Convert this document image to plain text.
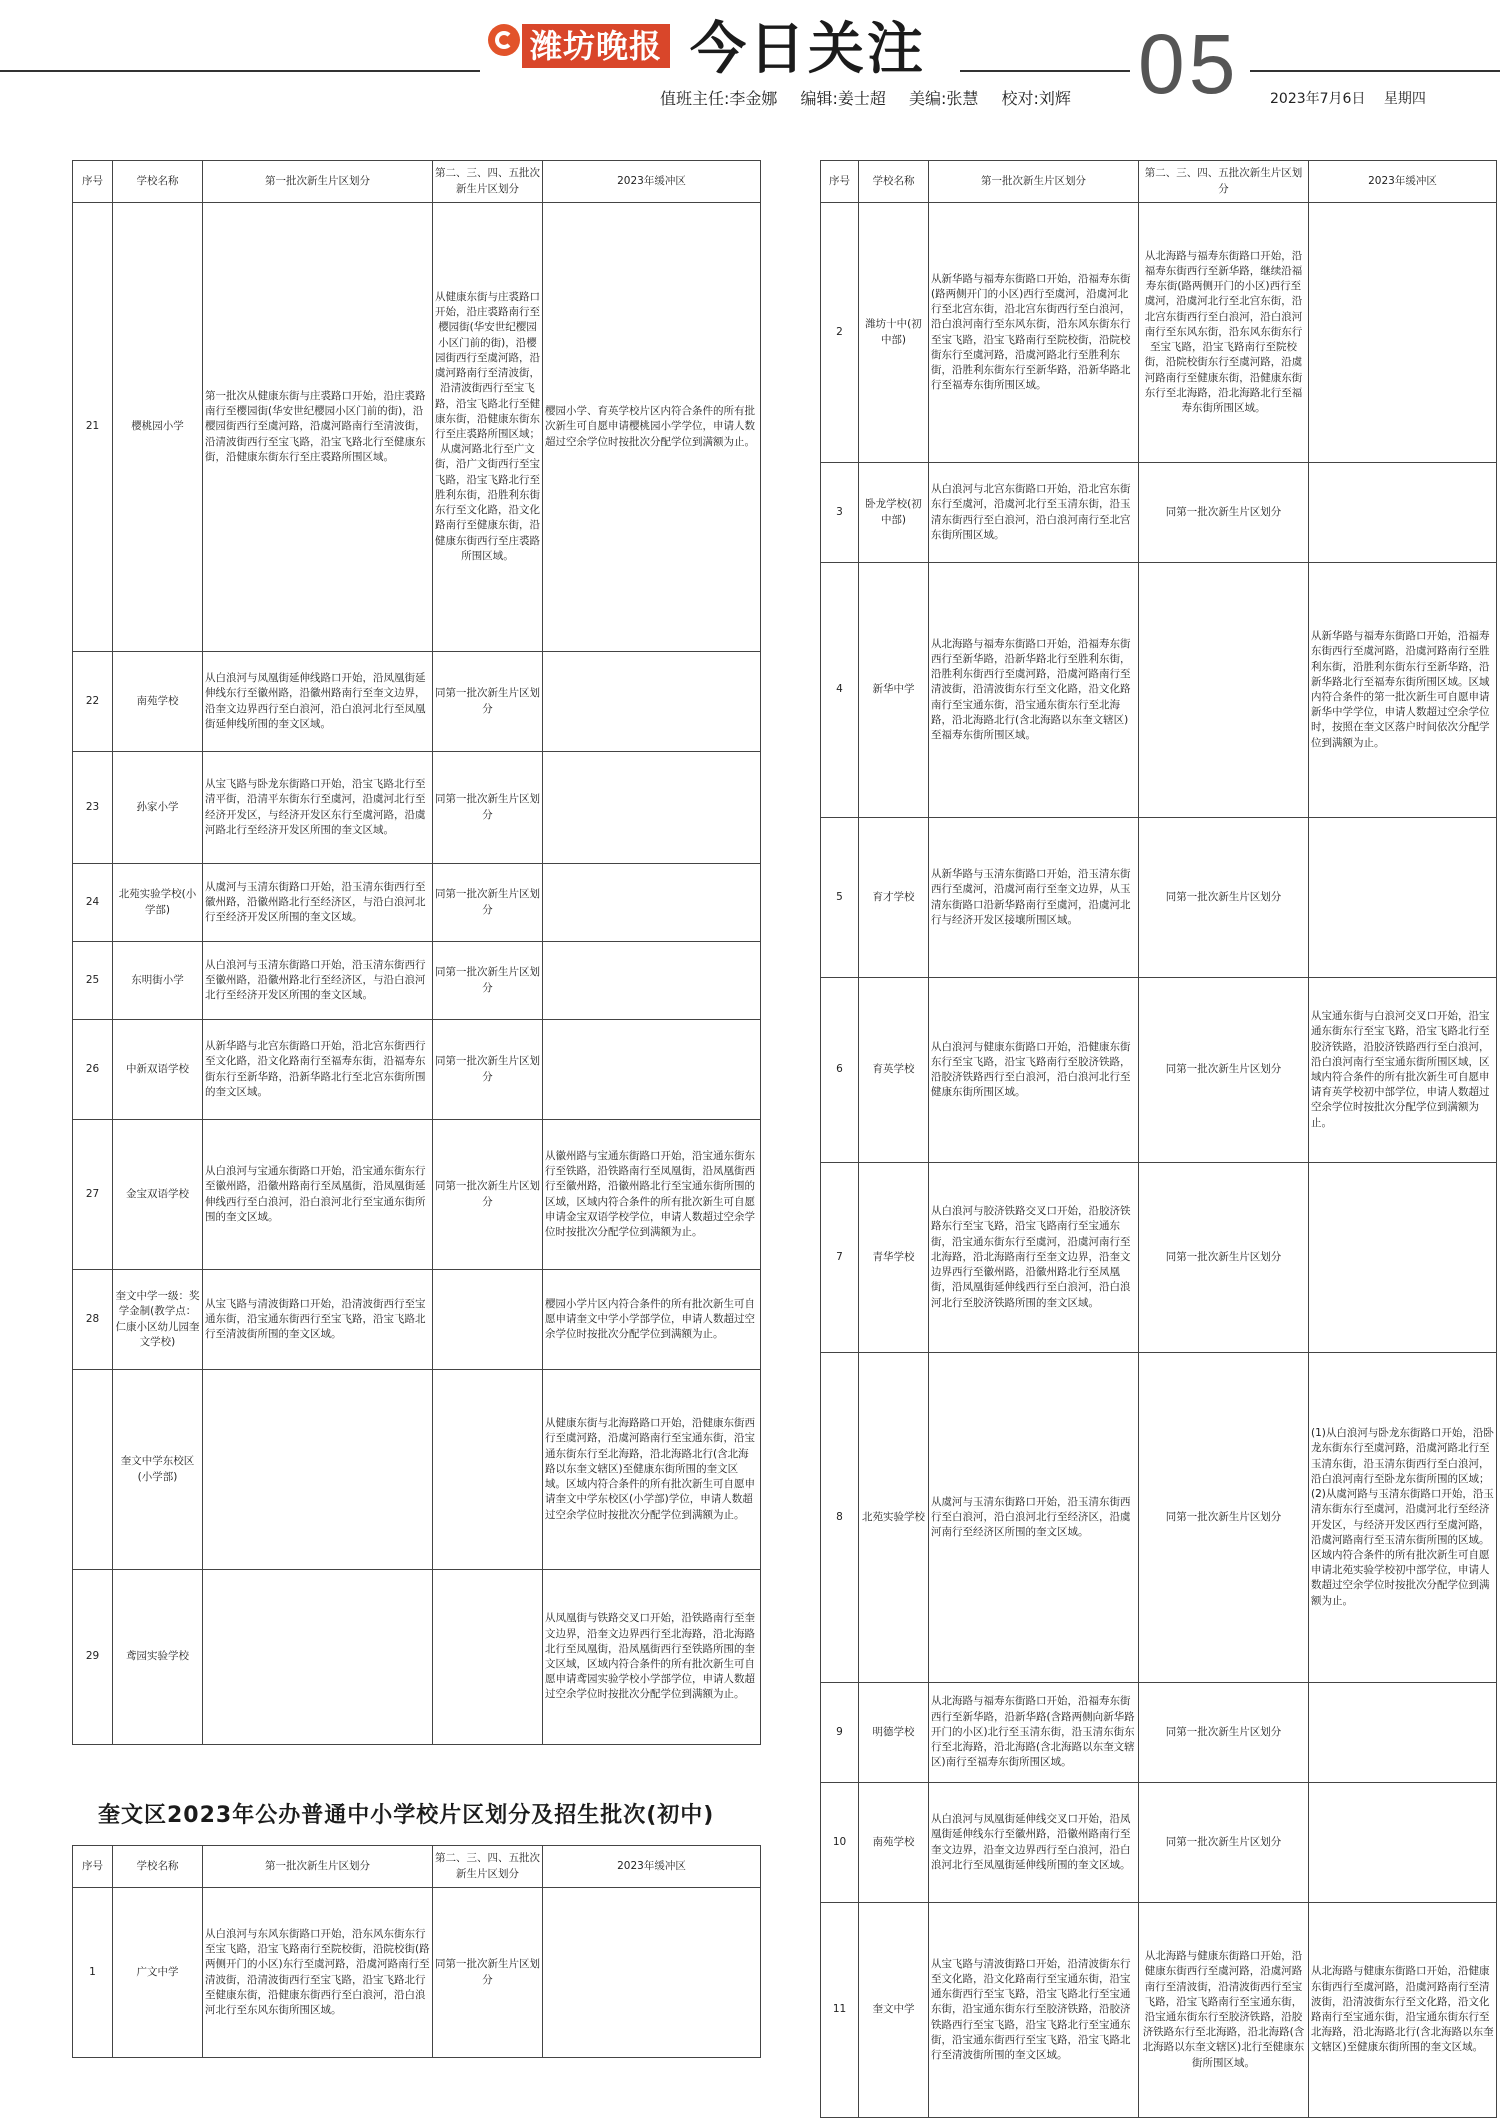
潍坊晚报 今日关注	05
值班主任:李金娜 编辑:姜士超 美编:张慧 校对:刘辉	2023年7月6日 星期四
序号	学校名称	第一批次新生片区划分	第二、三、四、五批次新生片区划分	2023年缓冲区
21	樱桃园小学	第一批次从健康东街与庄裘路口开始，沿庄裘路南行至樱园街(华安世纪樱园小区门前的街)，沿樱园街西行至虞河路，沿虞河路南行至清波街，沿清波街西行至宝飞路，沿宝飞路北行至健康东街，沿健康东街东行至庄裘路所围区域。	从健康东街与庄裘路口开始，沿庄裘路南行至樱园街(华安世纪樱园小区门前的街)，沿樱园街西行至虞河路，沿虞河路南行至清波街，沿清波街西行至宝飞路，沿宝飞路北行至健康东街，沿健康东街东行至庄裘路所围区域；从虞河路北行至广文街，沿广文街西行至宝飞路，沿宝飞路北行至胜利东街，沿胜利东街东行至文化路，沿文化路南行至健康东街，沿健康东街西行至庄裘路所围区域。	樱园小学、育英学校片区内符合条件的所有批次新生可自愿申请樱桃园小学学位，申请人数超过空余学位时按批次分配学位到满额为止。
22	南苑学校	从白浪河与凤凰街延伸线路口开始，沿凤凰街延伸线东行至徽州路，沿徽州路南行至奎文边界，沿奎文边界西行至白浪河，沿白浪河北行至凤凰街延伸线所围的奎文区域。	同第一批次新生片区划分	
23	孙家小学	从宝飞路与卧龙东街路口开始，沿宝飞路北行至清平街，沿清平东街东行至虞河，沿虞河北行至经济开发区，与经济开发区东行至虞河路，沿虞河路北行至经济开发区所围的奎文区域。	同第一批次新生片区划分	
24	北苑实验学校(小学部)	从虞河与玉清东街路口开始，沿玉清东街西行至徽州路，沿徽州路北行至经济区，与沿白浪河北行至经济开发区所围的奎文区域。	同第一批次新生片区划分	
25	东明街小学	从白浪河与玉清东街路口开始，沿玉清东街西行至徽州路，沿徽州路北行至经济区，与沿白浪河北行至经济开发区所围的奎文区域。	同第一批次新生片区划分	
26	中新双语学校	从新华路与北宫东街路口开始，沿北宫东街西行至文化路，沿文化路南行至福寿东街，沿福寿东街东行至新华路，沿新华路北行至北宫东街所围的奎文区域。	同第一批次新生片区划分	
27	金宝双语学校	从白浪河与宝通东街路口开始，沿宝通东街东行至徽州路，沿徽州路南行至凤凰街，沿凤凰街延伸线西行至白浪河，沿白浪河北行至宝通东街所围的奎文区域。	同第一批次新生片区划分	从徽州路与宝通东街路口开始，沿宝通东街东行至铁路，沿铁路南行至凤凰街，沿凤凰街西行至徽州路，沿徽州路北行至宝通东街所围的区域，区域内符合条件的所有批次新生可自愿申请金宝双语学校学位，申请人数超过空余学位时按批次分配学位到满额为止。
28	奎文中学一级：奖学金制(教学点：仁康小区幼儿园奎文学校)	从宝飞路与清波街路口开始，沿清波街西行至宝通东街，沿宝通东街西行至宝飞路，沿宝飞路北行至清波街所围的奎文区域。		樱园小学片区内符合条件的所有批次新生可自愿申请奎文中学小学部学位，申请人数超过空余学位时按批次分配学位到满额为止。
	奎文中学东校区(小学部)			从健康东街与北海路路口开始，沿健康东街西行至虞河路，沿虞河路南行至宝通东街，沿宝通东街东行至北海路，沿北海路北行(含北海路以东奎文辖区)至健康东街所围的奎文区域。区域内符合条件的所有批次新生可自愿申请奎文中学东校区(小学部)学位，申请人数超过空余学位时按批次分配学位到满额为止。
29	鸢园实验学校			从凤凰街与铁路交叉口开始，沿铁路南行至奎文边界，沿奎文边界西行至北海路，沿北海路北行至凤凰街，沿凤凰街西行至铁路所围的奎文区域，区域内符合条件的所有批次新生可自愿申请鸢园实验学校小学部学位，申请人数超过空余学位时按批次分配学位到满额为止。
奎文区2023年公办普通中小学校片区划分及招生批次(初中)
序号	学校名称	第一批次新生片区划分	第二、三、四、五批次新生片区划分	2023年缓冲区
1	广文中学	从白浪河与东风东街路口开始，沿东风东街东行至宝飞路，沿宝飞路南行至院校街，沿院校街(路两侧开门的小区)东行至虞河路，沿虞河路南行至清波街，沿清波街西行至宝飞路，沿宝飞路北行至健康东街，沿健康东街西行至白浪河，沿白浪河北行至东风东街所围区域。	同第一批次新生片区划分	
序号	学校名称	第一批次新生片区划分	第二、三、四、五批次新生片区划分	2023年缓冲区
2	潍坊十中(初中部)	从新华路与福寿东街路口开始，沿福寿东街(路两侧开门的小区)西行至虞河，沿虞河北行至北宫东街，沿北宫东街西行至白浪河，沿白浪河南行至东风东街，沿东风东街东行至宝飞路，沿宝飞路南行至院校街，沿院校街东行至虞河路，沿虞河路北行至胜利东街，沿胜利东街东行至新华路，沿新华路北行至福寿东街所围区域。	从北海路与福寿东街路口开始，沿福寿东街西行至新华路，继续沿福寿东街(路两侧开门的小区)西行至虞河，沿虞河北行至北宫东街，沿北宫东街西行至白浪河，沿白浪河南行至东风东街，沿东风东街东行至宝飞路，沿宝飞路南行至院校街，沿院校街东行至虞河路，沿虞河路南行至健康东街，沿健康东街东行至北海路，沿北海路北行至福寿东街所围区域。	
3	卧龙学校(初中部)	从白浪河与北宫东街路口开始，沿北宫东街东行至虞河，沿虞河北行至玉清东街，沿玉清东街西行至白浪河，沿白浪河南行至北宫东街所围区域。	同第一批次新生片区划分	
4	新华中学	从北海路与福寿东街路口开始，沿福寿东街西行至新华路，沿新华路北行至胜利东街，沿胜利东街西行至虞河路，沿虞河路南行至清波街，沿清波街东行至文化路，沿文化路南行至宝通东街，沿宝通东街东行至北海路，沿北海路北行(含北海路以东奎文辖区)至福寿东街所围区域。		从新华路与福寿东街路口开始，沿福寿东街西行至虞河路，沿虞河路南行至胜利东街，沿胜利东街东行至新华路，沿新华路北行至福寿东街所围区域。区域内符合条件的第一批次新生可自愿申请新华中学学位，申请人数超过空余学位时，按照在奎文区落户时间依次分配学位到满额为止。
5	育才学校	从新华路与玉清东街路口开始，沿玉清东街西行至虞河，沿虞河南行至奎文边界，从玉清东街路口沿新华路南行至虞河，沿虞河北行与经济开发区接壤所围区域。	同第一批次新生片区划分	
6	育英学校	从白浪河与健康东街路口开始，沿健康东街东行至宝飞路，沿宝飞路南行至胶济铁路，沿胶济铁路西行至白浪河，沿白浪河北行至健康东街所围区域。	同第一批次新生片区划分	从宝通东街与白浪河交叉口开始，沿宝通东街东行至宝飞路，沿宝飞路北行至胶济铁路，沿胶济铁路西行至白浪河，沿白浪河南行至宝通东街所围区域，区域内符合条件的所有批次新生可自愿申请育英学校初中部学位，申请人数超过空余学位时按批次分配学位到满额为止。
7	青华学校	从白浪河与胶济铁路交叉口开始，沿胶济铁路东行至宝飞路，沿宝飞路南行至宝通东街，沿宝通东街东行至虞河，沿虞河南行至北海路，沿北海路南行至奎文边界，沿奎文边界西行至徽州路，沿徽州路北行至凤凰街，沿凤凰街延伸线西行至白浪河，沿白浪河北行至胶济铁路所围的奎文区域。	同第一批次新生片区划分	
8	北苑实验学校	从虞河与玉清东街路口开始，沿玉清东街西行至白浪河，沿白浪河北行至经济区，沿虞河南行至经济区所围的奎文区域。	同第一批次新生片区划分	(1)从白浪河与卧龙东街路口开始，沿卧龙东街东行至虞河路，沿虞河路北行至玉清东街，沿玉清东街西行至白浪河，沿白浪河南行至卧龙东街所围的区域；(2)从虞河路与玉清东街路口开始，沿玉清东街东行至虞河，沿虞河北行至经济开发区，与经济开发区西行至虞河路，沿虞河路南行至玉清东街所围的区域。区域内符合条件的所有批次新生可自愿申请北苑实验学校初中部学位，申请人数超过空余学位时按批次分配学位到满额为止。
9	明德学校	从北海路与福寿东街路口开始，沿福寿东街西行至新华路，沿新华路(含路两侧向新华路开门的小区)北行至玉清东街，沿玉清东街东行至北海路，沿北海路(含北海路以东奎文辖区)南行至福寿东街所围区域。	同第一批次新生片区划分	
10	南苑学校	从白浪河与凤凰街延伸线交叉口开始，沿凤凰街延伸线东行至徽州路，沿徽州路南行至奎文边界，沿奎文边界西行至白浪河，沿白浪河北行至凤凰街延伸线所围的奎文区域。	同第一批次新生片区划分	
11	奎文中学	从宝飞路与清波街路口开始，沿清波街东行至文化路，沿文化路南行至宝通东街，沿宝通东街西行至宝飞路，沿宝飞路北行至宝通东街，沿宝通东街东行至胶济铁路，沿胶济铁路西行至宝飞路，沿宝飞路北行至宝通东街，沿宝通东街西行至宝飞路，沿宝飞路北行至清波街所围的奎文区域。	从北海路与健康东街路口开始，沿健康东街西行至虞河路，沿虞河路南行至清波街，沿清波街西行至宝飞路，沿宝飞路南行至宝通东街，沿宝通东街东行至胶济铁路，沿胶济铁路东行至北海路，沿北海路(含北海路以东奎文辖区)北行至健康东街所围区域。	从北海路与健康东街路口开始，沿健康东街西行至虞河路，沿虞河路南行至清波街，沿清波街东行至文化路，沿文化路南行至宝通东街，沿宝通东街东行至北海路，沿北海路北行(含北海路以东奎文辖区)至健康东街所围的奎文区域。
